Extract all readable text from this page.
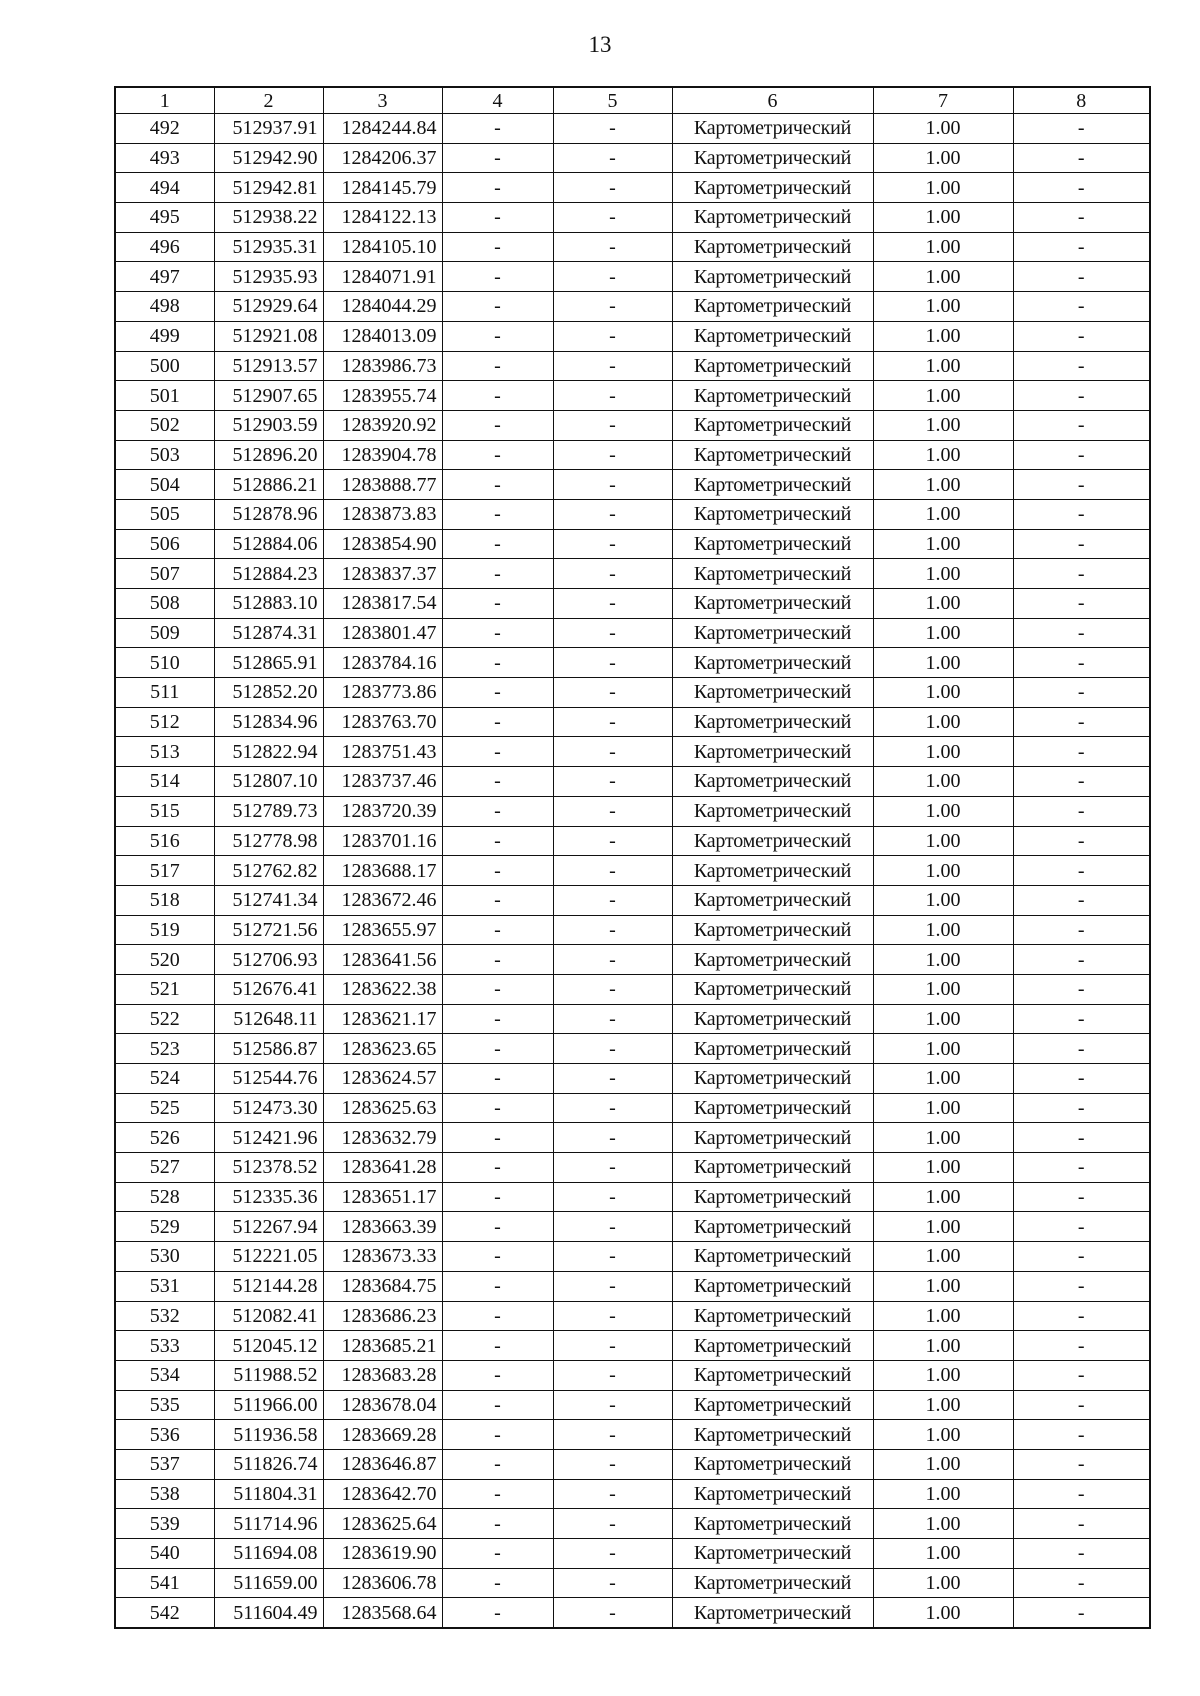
13
1	2	3	4	5	6	7	8
492	512937.91	1284244.84	-	-	Картометрический	1.00	-
493	512942.90	1284206.37	-	-	Картометрический	1.00	-
494	512942.81	1284145.79	-	-	Картометрический	1.00	-
495	512938.22	1284122.13	-	-	Картометрический	1.00	-
496	512935.31	1284105.10	-	-	Картометрический	1.00	-
497	512935.93	1284071.91	-	-	Картометрический	1.00	-
498	512929.64	1284044.29	-	-	Картометрический	1.00	-
499	512921.08	1284013.09	-	-	Картометрический	1.00	-
500	512913.57	1283986.73	-	-	Картометрический	1.00	-
501	512907.65	1283955.74	-	-	Картометрический	1.00	-
502	512903.59	1283920.92	-	-	Картометрический	1.00	-
503	512896.20	1283904.78	-	-	Картометрический	1.00	-
504	512886.21	1283888.77	-	-	Картометрический	1.00	-
505	512878.96	1283873.83	-	-	Картометрический	1.00	-
506	512884.06	1283854.90	-	-	Картометрический	1.00	-
507	512884.23	1283837.37	-	-	Картометрический	1.00	-
508	512883.10	1283817.54	-	-	Картометрический	1.00	-
509	512874.31	1283801.47	-	-	Картометрический	1.00	-
510	512865.91	1283784.16	-	-	Картометрический	1.00	-
511	512852.20	1283773.86	-	-	Картометрический	1.00	-
512	512834.96	1283763.70	-	-	Картометрический	1.00	-
513	512822.94	1283751.43	-	-	Картометрический	1.00	-
514	512807.10	1283737.46	-	-	Картометрический	1.00	-
515	512789.73	1283720.39	-	-	Картометрический	1.00	-
516	512778.98	1283701.16	-	-	Картометрический	1.00	-
517	512762.82	1283688.17	-	-	Картометрический	1.00	-
518	512741.34	1283672.46	-	-	Картометрический	1.00	-
519	512721.56	1283655.97	-	-	Картометрический	1.00	-
520	512706.93	1283641.56	-	-	Картометрический	1.00	-
521	512676.41	1283622.38	-	-	Картометрический	1.00	-
522	512648.11	1283621.17	-	-	Картометрический	1.00	-
523	512586.87	1283623.65	-	-	Картометрический	1.00	-
524	512544.76	1283624.57	-	-	Картометрический	1.00	-
525	512473.30	1283625.63	-	-	Картометрический	1.00	-
526	512421.96	1283632.79	-	-	Картометрический	1.00	-
527	512378.52	1283641.28	-	-	Картометрический	1.00	-
528	512335.36	1283651.17	-	-	Картометрический	1.00	-
529	512267.94	1283663.39	-	-	Картометрический	1.00	-
530	512221.05	1283673.33	-	-	Картометрический	1.00	-
531	512144.28	1283684.75	-	-	Картометрический	1.00	-
532	512082.41	1283686.23	-	-	Картометрический	1.00	-
533	512045.12	1283685.21	-	-	Картометрический	1.00	-
534	511988.52	1283683.28	-	-	Картометрический	1.00	-
535	511966.00	1283678.04	-	-	Картометрический	1.00	-
536	511936.58	1283669.28	-	-	Картометрический	1.00	-
537	511826.74	1283646.87	-	-	Картометрический	1.00	-
538	511804.31	1283642.70	-	-	Картометрический	1.00	-
539	511714.96	1283625.64	-	-	Картометрический	1.00	-
540	511694.08	1283619.90	-	-	Картометрический	1.00	-
541	511659.00	1283606.78	-	-	Картометрический	1.00	-
542	511604.49	1283568.64	-	-	Картометрический	1.00	-
